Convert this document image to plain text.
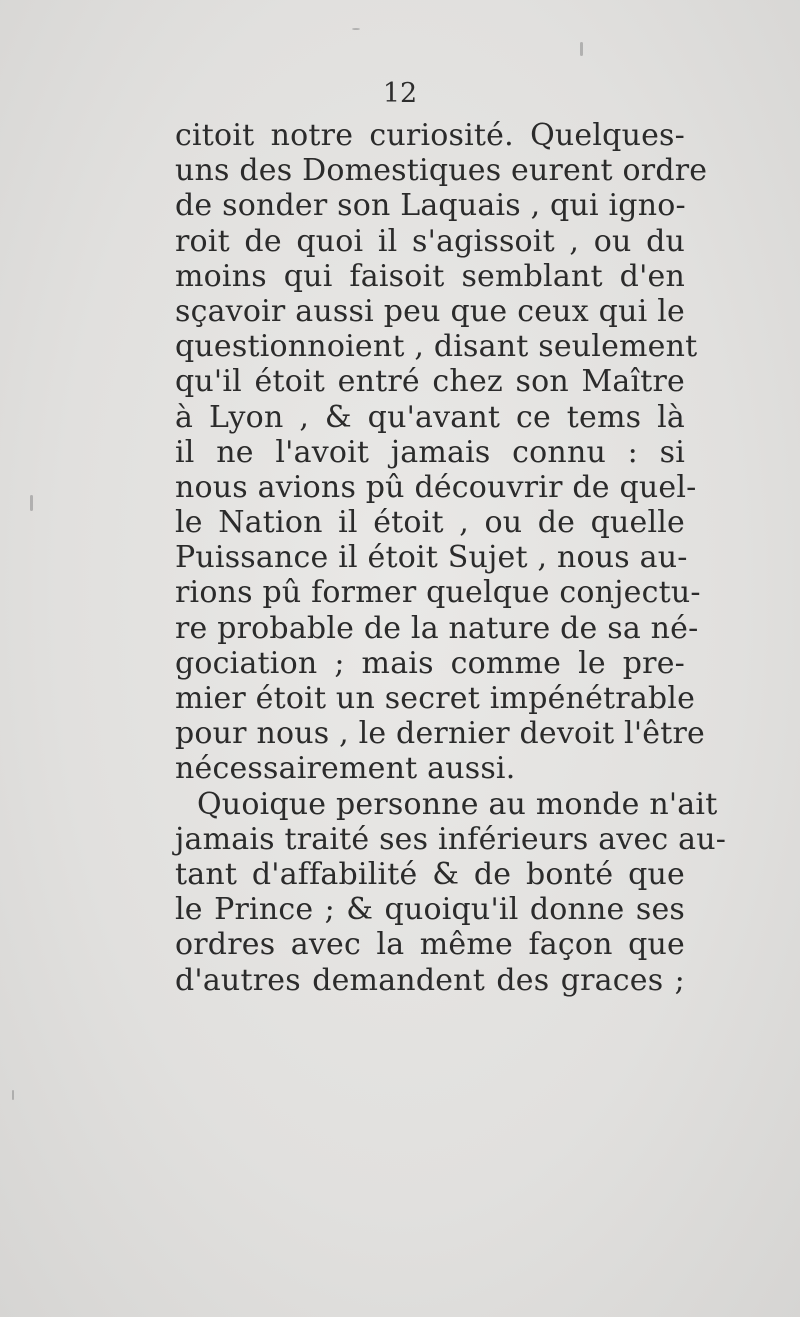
12
citoit notre curiosité. Quelques-
uns des Domestiques eurent ordre
de sonder son Laquais , qui igno-
roit de quoi il s'agissoit , ou du
moins qui faisoit semblant d'en
sçavoir aussi peu que ceux qui le
questionnoient , disant seulement
qu'il étoit entré chez son Maître
à Lyon , & qu'avant ce tems là
il ne l'avoit jamais connu : si
nous avions pû découvrir de quel-
le Nation il étoit , ou de quelle
Puissance il étoit Sujet , nous au-
rions pû former quelque conjectu-
re probable de la nature de sa né-
gociation ; mais comme le pre-
mier étoit un secret impénétrable
pour nous , le dernier devoit l'être
nécessairement aussi.
Quoique personne au monde n'ait
jamais traité ses inférieurs avec au-
tant d'affabilité & de bonté que
le Prince ; & quoiqu'il donne ses
ordres avec la même façon que
d'autres demandent des graces ;
